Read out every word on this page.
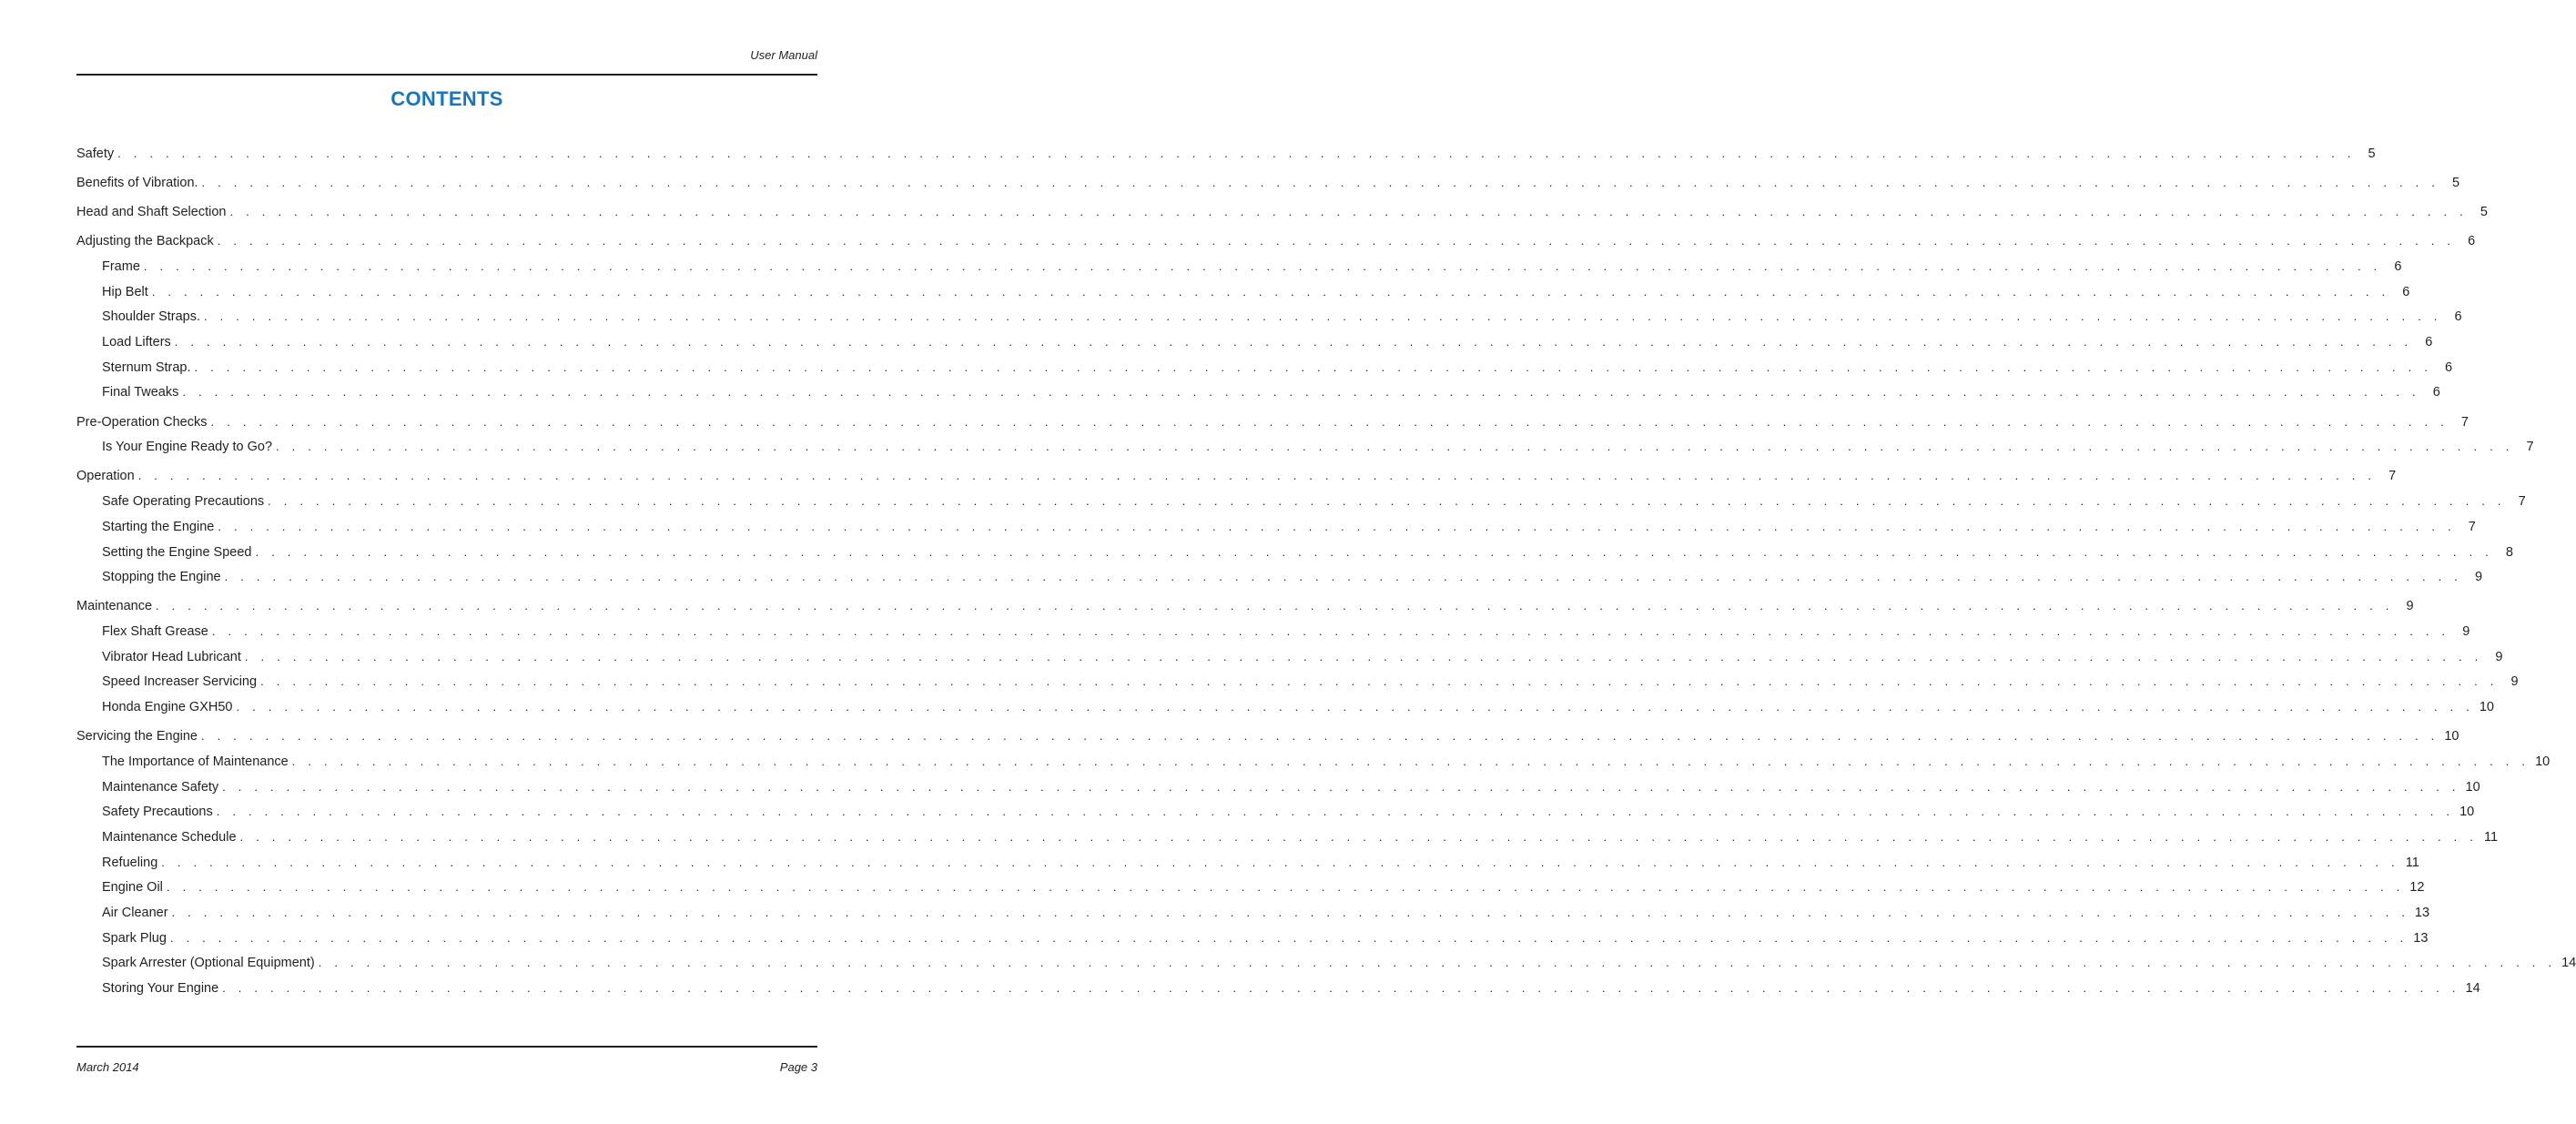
User Manual
CONTENTS
Safety . . . . . . . . . . . . . . . . . . . . . . . . . . . . . . . . . . . . . . . . . . . . . . . . . . . . . . . . . . . . . . . . . . . . . . . . . . . . . . . . . . . . . . . . . . . . . . . . . . . . . . . . . . . . . . . . . . . . . . . . . . . . . . . . . . . . . . . . . . . . 5
Benefits of Vibration. . . . . . . . . . . . . . . . . . . . . . . . . . . . . . . . . . . . . . . . . . . . . . . . . . . . . . . . . . . . . . . . . . . . . . . . . . . . . . . . . . . . . . . . . . . . . . . . . . . . . . . . . . . . . . . . . . . . . . . . . . . . . . . . . . . . . . . . . . . . . 5
Head and Shaft Selection . . . . . . . . . . . . . . . . . . . . . . . . . . . . . . . . . . . . . . . . . . . . . . . . . . . . . . . . . . . . . . . . . . . . . . . . . . . . . . . . . . . . . . . . . . . . . . . . . . . . . . . . . . . . . . . . . . . . . . . . . . . . . . . . . . . . . . . . . . . . 5
Adjusting the Backpack . . . . . . . . . . . . . . . . . . . . . . . . . . . . . . . . . . . . . . . . . . . . . . . . . . . . . . . . . . . . . . . . . . . . . . . . . . . . . . . . . . . . . . . . . . . . . . . . . . . . . . . . . . . . . . . . . . . . . . . . . . . . . . . . . . . . . . . . . . . . 6
Frame . . . . . . . . . . . . . . . . . . . . . . . . . . . . . . . . . . . . . . . . . . . . . . . . . . . . . . . . . . . . . . . . . . . . . . . . . . . . . . . . . . . . . . . . . . . . . . . . . . . . . . . . . . . . . . . . . . . . . . . . . . . . . . . . . . . . . . . . . . . . 6
Hip Belt . . . . . . . . . . . . . . . . . . . . . . . . . . . . . . . . . . . . . . . . . . . . . . . . . . . . . . . . . . . . . . . . . . . . . . . . . . . . . . . . . . . . . . . . . . . . . . . . . . . . . . . . . . . . . . . . . . . . . . . . . . . . . . . . . . . . . . . . . . . . 6
Shoulder Straps. . . . . . . . . . . . . . . . . . . . . . . . . . . . . . . . . . . . . . . . . . . . . . . . . . . . . . . . . . . . . . . . . . . . . . . . . . . . . . . . . . . . . . . . . . . . . . . . . . . . . . . . . . . . . . . . . . . . . . . . . . . . . . . . . . . . . . . . . . . . . 6
Load Lifters . . . . . . . . . . . . . . . . . . . . . . . . . . . . . . . . . . . . . . . . . . . . . . . . . . . . . . . . . . . . . . . . . . . . . . . . . . . . . . . . . . . . . . . . . . . . . . . . . . . . . . . . . . . . . . . . . . . . . . . . . . . . . . . . . . . . . . . . . . . . 6
Sternum Strap. . . . . . . . . . . . . . . . . . . . . . . . . . . . . . . . . . . . . . . . . . . . . . . . . . . . . . . . . . . . . . . . . . . . . . . . . . . . . . . . . . . . . . . . . . . . . . . . . . . . . . . . . . . . . . . . . . . . . . . . . . . . . . . . . . . . . . . . . . . . . 6
Final Tweaks . . . . . . . . . . . . . . . . . . . . . . . . . . . . . . . . . . . . . . . . . . . . . . . . . . . . . . . . . . . . . . . . . . . . . . . . . . . . . . . . . . . . . . . . . . . . . . . . . . . . . . . . . . . . . . . . . . . . . . . . . . . . . . . . . . . . . . . . . . . . 6
Pre-Operation Checks . . . . . . . . . . . . . . . . . . . . . . . . . . . . . . . . . . . . . . . . . . . . . . . . . . . . . . . . . . . . . . . . . . . . . . . . . . . . . . . . . . . . . . . . . . . . . . . . . . . . . . . . . . . . . . . . . . . . . . . . . . . . . . . . . . . . . . . . . . . . 7
Is Your Engine Ready to Go? . . . . . . . . . . . . . . . . . . . . . . . . . . . . . . . . . . . . . . . . . . . . . . . . . . . . . . . . . . . . . . . . . . . . . . . . . . . . . . . . . . . . . . . . . . . . . . . . . . . . . . . . . . . . . . . . . . . . . . . . . . . . . . . . . . . . . . . . . . . . 7
Operation . . . . . . . . . . . . . . . . . . . . . . . . . . . . . . . . . . . . . . . . . . . . . . . . . . . . . . . . . . . . . . . . . . . . . . . . . . . . . . . . . . . . . . . . . . . . . . . . . . . . . . . . . . . . . . . . . . . . . . . . . . . . . . . . . . . . . . . . . . . . 7
Safe Operating Precautions . . . . . . . . . . . . . . . . . . . . . . . . . . . . . . . . . . . . . . . . . . . . . . . . . . . . . . . . . . . . . . . . . . . . . . . . . . . . . . . . . . . . . . . . . . . . . . . . . . . . . . . . . . . . . . . . . . . . . . . . . . . . . . . . . . . . . . . . . . . . 7
Starting the Engine . . . . . . . . . . . . . . . . . . . . . . . . . . . . . . . . . . . . . . . . . . . . . . . . . . . . . . . . . . . . . . . . . . . . . . . . . . . . . . . . . . . . . . . . . . . . . . . . . . . . . . . . . . . . . . . . . . . . . . . . . . . . . . . . . . . . . . . . . . . . 7
Setting the Engine Speed . . . . . . . . . . . . . . . . . . . . . . . . . . . . . . . . . . . . . . . . . . . . . . . . . . . . . . . . . . . . . . . . . . . . . . . . . . . . . . . . . . . . . . . . . . . . . . . . . . . . . . . . . . . . . . . . . . . . . . . . . . . . . . . . . . . . . . . . . . . . 8
Stopping the Engine . . . . . . . . . . . . . . . . . . . . . . . . . . . . . . . . . . . . . . . . . . . . . . . . . . . . . . . . . . . . . . . . . . . . . . . . . . . . . . . . . . . . . . . . . . . . . . . . . . . . . . . . . . . . . . . . . . . . . . . . . . . . . . . . . . . . . . . . . . . . 9
Maintenance . . . . . . . . . . . . . . . . . . . . . . . . . . . . . . . . . . . . . . . . . . . . . . . . . . . . . . . . . . . . . . . . . . . . . . . . . . . . . . . . . . . . . . . . . . . . . . . . . . . . . . . . . . . . . . . . . . . . . . . . . . . . . . . . . . . . . . . . . . . . 9
Flex Shaft Grease . . . . . . . . . . . . . . . . . . . . . . . . . . . . . . . . . . . . . . . . . . . . . . . . . . . . . . . . . . . . . . . . . . . . . . . . . . . . . . . . . . . . . . . . . . . . . . . . . . . . . . . . . . . . . . . . . . . . . . . . . . . . . . . . . . . . . . . . . . . . 9
Vibrator Head Lubricant . . . . . . . . . . . . . . . . . . . . . . . . . . . . . . . . . . . . . . . . . . . . . . . . . . . . . . . . . . . . . . . . . . . . . . . . . . . . . . . . . . . . . . . . . . . . . . . . . . . . . . . . . . . . . . . . . . . . . . . . . . . . . . . . . . . . . . . . . . . . 9
Speed Increaser Servicing . . . . . . . . . . . . . . . . . . . . . . . . . . . . . . . . . . . . . . . . . . . . . . . . . . . . . . . . . . . . . . . . . . . . . . . . . . . . . . . . . . . . . . . . . . . . . . . . . . . . . . . . . . . . . . . . . . . . . . . . . . . . . . . . . . . . . . . . . . . . 9
Honda Engine GXH50 . . . . . . . . . . . . . . . . . . . . . . . . . . . . . . . . . . . . . . . . . . . . . . . . . . . . . . . . . . . . . . . . . . . . . . . . . . . . . . . . . . . . . . . . . . . . . . . . . . . . . . . . . . . . . . . . . . . . . . . . . . . . . . . . . . . . . . . . . . . . 10
Servicing the Engine . . . . . . . . . . . . . . . . . . . . . . . . . . . . . . . . . . . . . . . . . . . . . . . . . . . . . . . . . . . . . . . . . . . . . . . . . . . . . . . . . . . . . . . . . . . . . . . . . . . . . . . . . . . . . . . . . . . . . . . . . . . . . . . . . . . . . . . . . . . . 10
The Importance of Maintenance . . . . . . . . . . . . . . . . . . . . . . . . . . . . . . . . . . . . . . . . . . . . . . . . . . . . . . . . . . . . . . . . . . . . . . . . . . . . . . . . . . . . . . . . . . . . . . . . . . . . . . . . . . . . . . . . . . . . . . . . . . . . . . . . . . . . . . . . . . . . 10
Maintenance Safety . . . . . . . . . . . . . . . . . . . . . . . . . . . . . . . . . . . . . . . . . . . . . . . . . . . . . . . . . . . . . . . . . . . . . . . . . . . . . . . . . . . . . . . . . . . . . . . . . . . . . . . . . . . . . . . . . . . . . . . . . . . . . . . . . . . . . . . . . . . . 10
Safety Precautions . . . . . . . . . . . . . . . . . . . . . . . . . . . . . . . . . . . . . . . . . . . . . . . . . . . . . . . . . . . . . . . . . . . . . . . . . . . . . . . . . . . . . . . . . . . . . . . . . . . . . . . . . . . . . . . . . . . . . . . . . . . . . . . . . . . . . . . . . . . . 10
Maintenance Schedule . . . . . . . . . . . . . . . . . . . . . . . . . . . . . . . . . . . . . . . . . . . . . . . . . . . . . . . . . . . . . . . . . . . . . . . . . . . . . . . . . . . . . . . . . . . . . . . . . . . . . . . . . . . . . . . . . . . . . . . . . . . . . . . . . . . . . . . . . . . . 11
Refueling . . . . . . . . . . . . . . . . . . . . . . . . . . . . . . . . . . . . . . . . . . . . . . . . . . . . . . . . . . . . . . . . . . . . . . . . . . . . . . . . . . . . . . . . . . . . . . . . . . . . . . . . . . . . . . . . . . . . . . . . . . . . . . . . . . . . . . . . . . . . 11
Engine Oil . . . . . . . . . . . . . . . . . . . . . . . . . . . . . . . . . . . . . . . . . . . . . . . . . . . . . . . . . . . . . . . . . . . . . . . . . . . . . . . . . . . . . . . . . . . . . . . . . . . . . . . . . . . . . . . . . . . . . . . . . . . . . . . . . . . . . . . . . . . . 12
Air Cleaner . . . . . . . . . . . . . . . . . . . . . . . . . . . . . . . . . . . . . . . . . . . . . . . . . . . . . . . . . . . . . . . . . . . . . . . . . . . . . . . . . . . . . . . . . . . . . . . . . . . . . . . . . . . . . . . . . . . . . . . . . . . . . . . . . . . . . . . . . . . . 13
Spark Plug . . . . . . . . . . . . . . . . . . . . . . . . . . . . . . . . . . . . . . . . . . . . . . . . . . . . . . . . . . . . . . . . . . . . . . . . . . . . . . . . . . . . . . . . . . . . . . . . . . . . . . . . . . . . . . . . . . . . . . . . . . . . . . . . . . . . . . . . . . . . 13
Spark Arrester (Optional Equipment) . . . . . . . . . . . . . . . . . . . . . . . . . . . . . . . . . . . . . . . . . . . . . . . . . . . . . . . . . . . . . . . . . . . . . . . . . . . . . . . . . . . . . . . . . . . . . . . . . . . . . . . . . . . . . . . . . . . . . . . . . . . . . . . . . . . . . . . . . . . . 14
Storing Your Engine . . . . . . . . . . . . . . . . . . . . . . . . . . . . . . . . . . . . . . . . . . . . . . . . . . . . . . . . . . . . . . . . . . . . . . . . . . . . . . . . . . . . . . . . . . . . . . . . . . . . . . . . . . . . . . . . . . . . . . . . . . . . . . . . . . . . . . . . . . . . 14
March 2014	Page 3
